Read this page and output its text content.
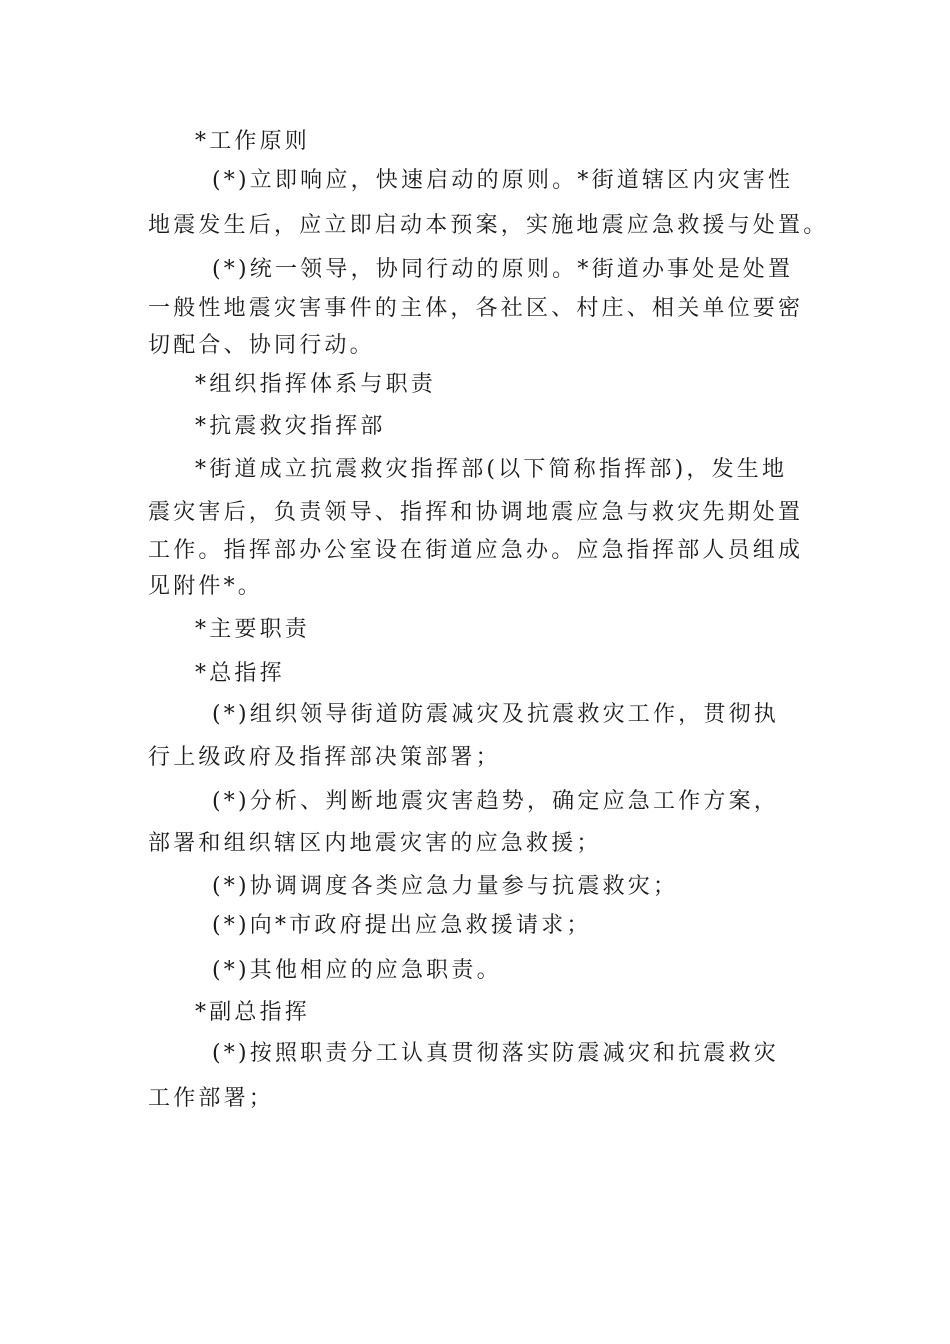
*工作原则

(*)立即响应，快速启动的原则。*街道辖区内灾害性

地震发生后，应立即启动本预案，实施地震应急救援与处置。

(*)统一领导，协同行动的原则。*街道办事处是处置

一般性地震灾害事件的主体，各社区、村庄、相关单位要密

切配合、协同行动。

*组织指挥体系与职责

*抗震救灾指挥部

*街道成立抗震救灾指挥部(以下简称指挥部)，发生地

震灾害后，负责领导、指挥和协调地震应急与救灾先期处置

工作。指挥部办公室设在街道应急办。应急指挥部人员组成

见附件*。

*主要职责

*总指挥

(*)组织领导街道防震减灾及抗震救灾工作，贯彻执

行上级政府及指挥部决策部署；

(*)分析、判断地震灾害趋势，确定应急工作方案，

部署和组织辖区内地震灾害的应急救援；

(*)协调调度各类应急力量参与抗震救灾；

(*)向*市政府提出应急救援请求；

(*)其他相应的应急职责。

*副总指挥

(*)按照职责分工认真贯彻落实防震减灾和抗震救灾

工作部署；
